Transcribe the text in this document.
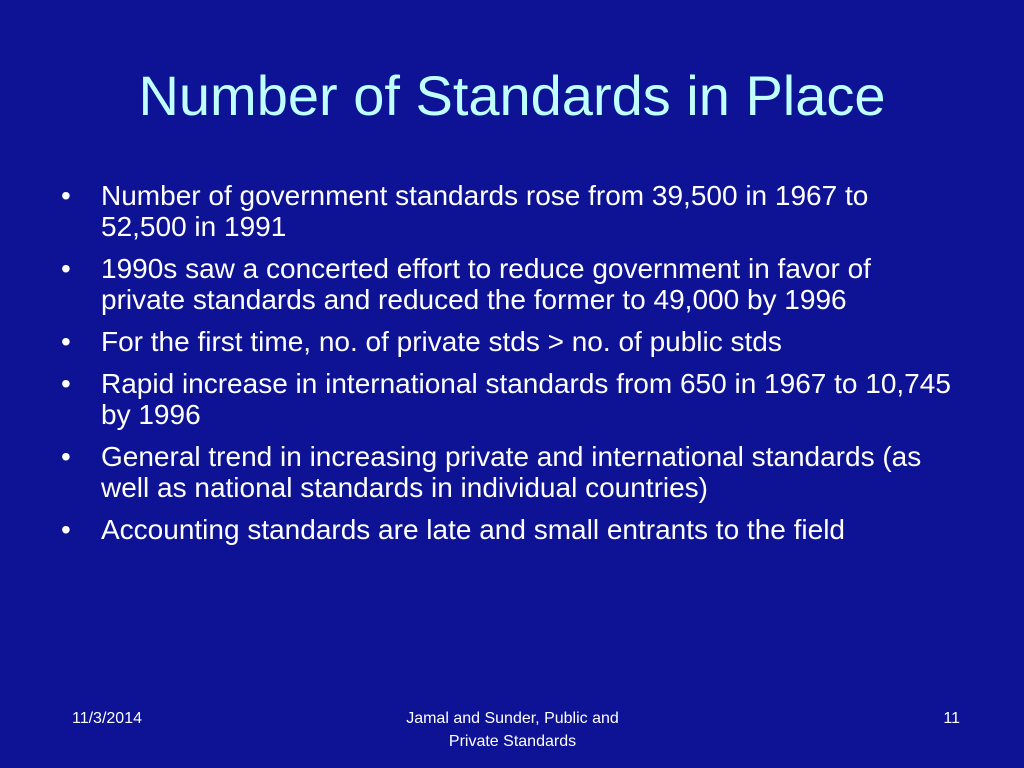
Number of Standards in Place
• Number of government standards rose from 39,500 in 1967 to 52,500 in 1991
• 1990s saw a concerted effort to reduce government in favor of private standards and reduced the former to 49,000 by 1996
• For the first time, no. of private stds > no. of public stds
• Rapid increase in international standards from 650 in 1967 to 10,745 by 1996
• General trend in increasing private and international standards (as well as national standards in individual countries)
• Accounting standards are late and small entrants to the field
11/3/2014	Jamal and Sunder, Public and
Private Standards
11
